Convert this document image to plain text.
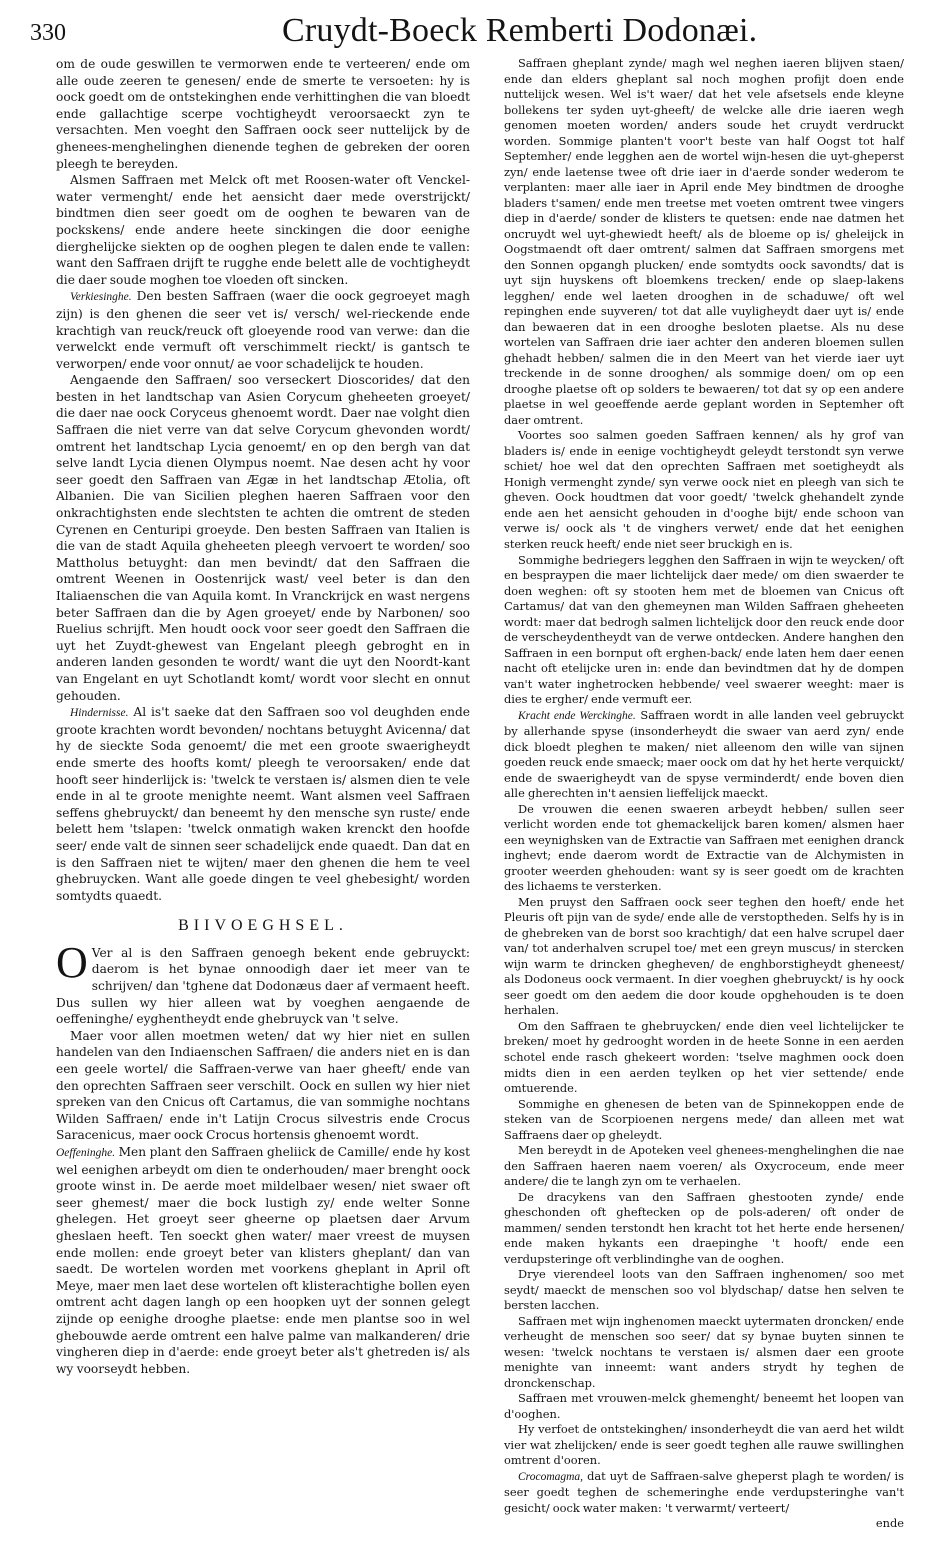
330	Cruydt-Boeck Remberti Dodonæi.

om de oude geswillen te vermorwen ende te verteeren/ ende om alle oude zeeren te genesen/ ende de smerte te versoeten: hy is oock goedt om de ontstekinghen ende verhittinghen die van bloedt ende gallachtige scerpe vochtigheydt veroorsaeckt zyn te versachten. Men voeght den Saffraen oock seer nuttelijck by de ghenees-menghelinghen dienende teghen de gebreken der ooren pleegh te bereyden.

Alsmen Saffraen met Melck oft met Roosen-water oft Venckel-water vermenght/ ende het aensicht daer mede overstrijckt/ bindtmen dien seer goedt om de ooghen te bewaren van de pockskens/ ende andere heete sinckingen die door eenighe dierghelijcke siekten op de ooghen plegen te dalen ende te vallen: want den Saffraen drijft te rugghe ende belett alle de vochtigheydt die daer soude moghen toe vloeden oft sincken.

Verkiesinghe. Den besten Saffraen (waer die oock gegroeyet magh zijn) is den ghenen die seer vet is/ versch/ wel-rieckende ende krachtigh van reuck/reuck oft gloeyende rood van verwe: dan die verwelckt ende vermuft oft verschimmelt rieckt/ is gantsch te verworpen/ ende voor onnut/ ae voor schadelijck te houden.

Aengaende den Saffraen/ soo verseckert Dioscorides/ dat den besten in het landtschap van Asien Corycum gheheeten groeyet/ die daer nae oock Coryceus ghenoemt wordt. Daer nae volght dien Saffraen die niet verre van dat selve Corycum ghevonden wordt/ omtrent het landtschap Lycia genoemt/ en op den bergh van dat selve landt Lycia dienen Olympus noemt. Nae desen acht hy voor seer goedt den Saffraen van Ægæ in het landtschap Ætolia, oft Albanien. Die van Sicilien pleghen haeren Saffraen voor den onkrachtighsten ende slechtsten te achten die omtrent de steden Cyrenen en Centuripi groeyde. Den besten Saffraen van Italien is die van de stadt Aquila gheheeten pleegh vervoert te worden/ soo Mattholus betuyght: dan men bevindt/ dat den Saffraen die omtrent Weenen in Oostenrijck wast/ veel beter is dan den Italiaenschen die van Aquila komt. In Vranckrijck en wast nergens beter Saffraen dan die by Agen groeyet/ ende by Narbonen/ soo Ruelius schrijft. Men houdt oock voor seer goedt den Saffraen die uyt het Zuydt-ghewest van Engelant pleegh gebroght en in anderen landen gesonden te wordt/ want die uyt den Noordt-kant van Engelant en uyt Schotlandt komt/ wordt voor slecht en onnut gehouden.

Hindernisse. Al is't saeke dat den Saffraen soo vol deughden ende groote krachten wordt bevonden/ nochtans betuyght Avicenna/ dat hy de sieckte Soda genoemt/ die met een groote swaerigheydt ende smerte des hoofts komt/ pleegh te veroorsaken/ ende dat hooft seer hinderlijck is: 'twelck te verstaen is/ alsmen dien te vele ende in al te groote menighte neemt. Want alsmen veel Saffraen seffens ghebruyckt/ dan beneemt hy den mensche syn ruste/ ende belett hem 'tslapen: 'twelck onmatigh waken krenckt den hoofde seer/ ende valt de sinnen seer schadelijck ende quaedt. Dan dat en is den Saffraen niet te wijten/ maer den ghenen die hem te veel ghebruycken. Want alle goede dingen te veel ghebesight/ worden somtydts quaedt.

BIIVOEGHSEL.

O Ver al is den Saffraen genoegh bekent ende gebruyckt: daerom is het bynae onnoodigh daer iet meer van te schrijven/ dan 'tghene dat Dodonæus daer af vermaent heeft. Dus sullen wy hier alleen wat by voeghen aengaende de oeffeninghe/ eyghentheydt ende ghebruyck van 't selve.

Maer voor allen moetmen weten/ dat wy hier niet en sullen handelen van den Indiaenschen Saffraen/ die anders niet en is dan een geele wortel/ die Saffraen-verwe van haer gheeft/ ende van den oprechten Saffraen seer verschilt. Oock en sullen wy hier niet spreken van den Cnicus oft Cartamus, die van sommighe nochtans Wilden Saffraen/ ende in't Latijn Crocus silvestris ende Crocus Saracenicus, maer oock Crocus hortensis ghenoemt wordt.

Oeffeninghe. Men plant den Saffraen gheliick de Camille/ ende hy kost wel eenighen arbeydt om dien te onderhouden/ maer brenght oock groote winst in. De aerde moet mildelbaer wesen/ niet swaer oft seer ghemest/ maer die bock lustigh zy/ ende welter Sonne ghelegen. Het groeyt seer gheerne op plaetsen daer Arvum gheslaen heeft. Ten soeckt ghen water/ maer vreest de muysen ende mollen: ende groeyt beter van klisters gheplant/ dan van saedt. De wortelen worden met voorkens gheplant in April oft Meye, maer men laet dese wortelen oft klisterachtighe bollen eyen omtrent acht dagen langh op een hoopken uyt der sonnen gelegt zijnde op eenighe drooghe plaetse: ende men plantse soo in wel ghebouwde aerde omtrent een halve palme van malkanderen/ drie vingheren diep in d'aerde: ende groeyt beter als't ghetreden is/ als wy voorseydt hebben.

Saffraen gheplant zynde/ magh wel neghen iaeren blijven staen/ ende dan elders gheplant sal noch moghen profijt doen ende nuttelijck wesen. Wel is't waer/ dat het vele afsetsels ende kleyne bollekens ter syden uyt-gheeft/ de welcke alle drie iaeren wegh genomen moeten worden/ anders soude het cruydt verdruckt worden. Sommige planten't voor't beste van half Oogst tot half Septemher/ ende legghen aen de wortel wijn-hesen die uyt-gheperst zyn/ ende laetense twee oft drie iaer in d'aerde sonder wederom te verplanten: maer alle iaer in April ende Mey bindtmen de drooghe bladers t'samen/ ende men treetse met voeten omtrent twee vingers diep in d'aerde/ sonder de klisters te quetsen: ende nae datmen het oncruydt wel uyt-ghewiedt heeft/ als de bloeme op is/ gheleijck in Oogstmaendt oft daer omtrent/ salmen dat Saffraen smorgens met den Sonnen opgangh plucken/ ende somtydts oock savondts/ dat is uyt sijn huyskens oft bloemkens trecken/ ende op slaep-lakens legghen/ ende wel laeten drooghen in de schaduwe/ oft wel repinghen ende suyveren/ tot dat alle vuyligheydt daer uyt is/ ende dan bewaeren dat in een drooghe besloten plaetse. Als nu dese wortelen van Saffraen drie iaer achter den anderen bloemen sullen ghehadt hebben/ salmen die in den Meert van het vierde iaer uyt treckende in de sonne drooghen/ als sommige doen/ om op een drooghe plaetse oft op solders te bewaeren/ tot dat sy op een andere plaetse in wel geoeffende aerde geplant worden in Septemher oft daer omtrent.

Voortes soo salmen goeden Saffraen kennen/ als hy grof van bladers is/ ende in eenige vochtigheydt geleydt terstondt syn verwe schiet/ hoe wel dat den oprechten Saffraen met soetigheydt als Honigh vermenght zynde/ syn verwe oock niet en pleegh van sich te gheven. Oock houdtmen dat voor goedt/ 'twelck ghehandelt zynde ende aen het aensicht gehouden in d'ooghe bijt/ ende schoon van verwe is/ oock als 't de vinghers verwet/ ende dat het eenighen sterken reuck heeft/ ende niet seer bruckigh en is.

Sommighe bedriegers legghen den Saffraen in wijn te weycken/ oft en bespraypen die maer lichtelijck daer mede/ om dien swaerder te doen weghen: oft sy stooten hem met de bloemen van Cnicus oft Cartamus/ dat van den ghemeynen man Wilden Saffraen gheheeten wordt: maer dat bedrogh salmen lichtelijck door den reuck ende door de verscheydentheydt van de verwe ontdecken. Andere hanghen den Saffraen in een bornput oft erghen-back/ ende laten hem daer eenen nacht oft etelijcke uren in: ende dan bevindtmen dat hy de dompen van't water inghetrocken hebbende/ veel swaerer weeght: maer is dies te ergher/ ende vermuft eer.

Kracht ende Werckinghe. Saffraen wordt in alle landen veel gebruyckt by allerhande spyse (insonderheydt die swaer van aerd zyn/ ende dick bloedt pleghen te maken/ niet alleenom den wille van sijnen goeden reuck ende smaeck; maer oock om dat hy het herte verquickt/ ende de swaerigheydt van de spyse verminderdt/ ende boven dien alle gherechten in't aensien lieffelijck maeckt.

De vrouwen die eenen swaeren arbeydt hebben/ sullen seer verlicht worden ende tot ghemackelijck baren komen/ alsmen haer een weynighsken van de Extractie van Saffraen met eenighen dranck inghevt; ende daerom wordt de Extractie van de Alchymisten in grooter weerden ghehouden: want sy is seer goedt om de krachten des lichaems te versterken.

Men pruyst den Saffraen oock seer teghen den hoeft/ ende het Pleuris oft pijn van de syde/ ende alle de verstoptheden. Selfs hy is in de ghebreken van de borst soo krachtigh/ dat een halve scrupel daer van/ tot anderhalven scrupel toe/ met een greyn muscus/ in stercken wijn warm te drincken ghegheven/ de enghborstigheydt gheneest/ als Dodoneus oock vermaent. In dier voeghen ghebruyckt/ is hy oock seer goedt om den aedem die door koude opghehouden is te doen herhalen.

Om den Saffraen te ghebruycken/ ende dien veel lichtelijcker te breken/ moet hy gedrooght worden in de heete Sonne in een aerden schotel ende rasch ghekeert worden: 'tselve maghmen oock doen midts dien in een aerden teylken op het vier settende/ ende omtuerende.

Sommighe en ghenesen de beten van de Spinnekoppen ende de steken van de Scorpioenen nergens mede/ dan alleen met wat Saffraens daer op gheleydt.

Men bereydt in de Apoteken veel ghenees-menghelinghen die nae den Saffraen haeren naem voeren/ als Oxycroceum, ende meer andere/ die te langh zyn om te verhaelen.

De dracykens van den Saffraen ghestooten zynde/ ende gheschonden oft gheftecken op de pols-aderen/ oft onder de mammen/ senden terstondt hen kracht tot het herte ende hersenen/ ende maken hykants een draepinghe 't hooft/ ende een verdupsteringe oft verblindinghe van de ooghen.

Drye vierendeel loots van den Saffraen inghenomen/ soo met seydt/ maeckt de menschen soo vol blydschap/ datse hen selven te bersten lacchen.

Saffraen met wijn inghenomen maeckt uytermaten droncken/ ende verheught de menschen soo seer/ dat sy bynae buyten sinnen te wesen: 'twelck nochtans te verstaen is/ alsmen daer een groote menighte van inneemt: want anders strydt hy teghen de dronckenschap.

Saffraen met vrouwen-melck ghemenght/ beneemt het loopen van d'ooghen.

Hy verfoet de ontstekinghen/ insonderheydt die van aerd het wildt vier wat zhelijcken/ ende is seer goedt teghen alle rauwe swillinghen omtrent d'ooren.

Crocomagma, dat uyt de Saffraen-salve gheperst plagh te worden/ is seer goedt teghen de schemeringhe ende verdupsteringhe van't gesicht/ oock water maken: 't verwarmt/ verteert/

ende
